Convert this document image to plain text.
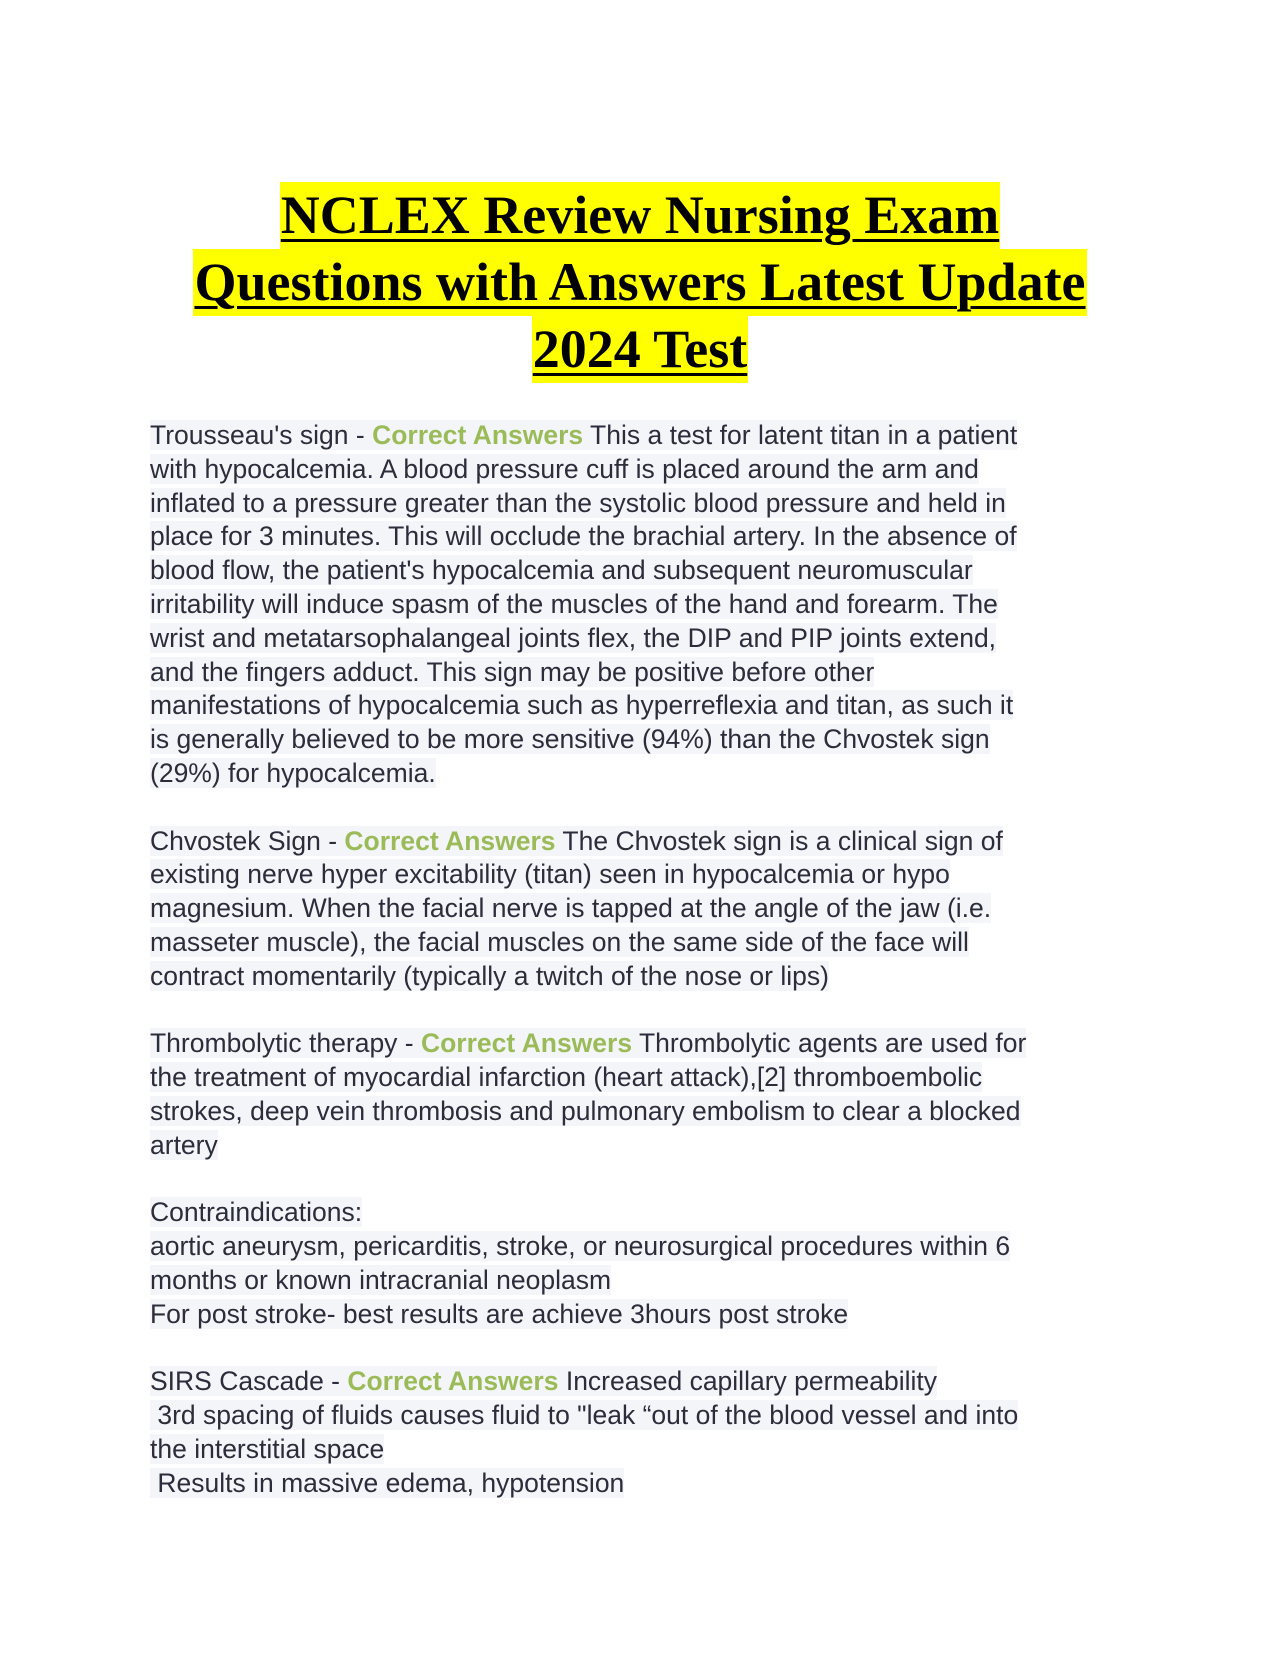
NCLEX Review Nursing Exam
Questions with Answers Latest Update
2024 Test
Trousseau's sign - Correct Answers This a test for latent titan in a patient
with hypocalcemia. A blood pressure cuff is placed around the arm and
inflated to a pressure greater than the systolic blood pressure and held in
place for 3 minutes. This will occlude the brachial artery. In the absence of
blood flow, the patient's hypocalcemia and subsequent neuromuscular
irritability will induce spasm of the muscles of the hand and forearm. The
wrist and metatarsophalangeal joints flex, the DIP and PIP joints extend,
and the fingers adduct. This sign may be positive before other
manifestations of hypocalcemia such as hyperreflexia and titan, as such it
is generally believed to be more sensitive (94%) than the Chvostek sign
(29%) for hypocalcemia.
Chvostek Sign - Correct Answers The Chvostek sign is a clinical sign of
existing nerve hyper excitability (titan) seen in hypocalcemia or hypo
magnesium. When the facial nerve is tapped at the angle of the jaw (i.e.
masseter muscle), the facial muscles on the same side of the face will
contract momentarily (typically a twitch of the nose or lips)
Thrombolytic therapy - Correct Answers Thrombolytic agents are used for
the treatment of myocardial infarction (heart attack),[2] thromboembolic
strokes, deep vein thrombosis and pulmonary embolism to clear a blocked
artery
Contraindications:
aortic aneurysm, pericarditis, stroke, or neurosurgical procedures within 6
months or known intracranial neoplasm
For post stroke- best results are achieve 3hours post stroke
SIRS Cascade - Correct Answers Increased capillary permeability
3rd spacing of fluids causes fluid to "leak “out of the blood vessel and into
the interstitial space
Results in massive edema, hypotension
